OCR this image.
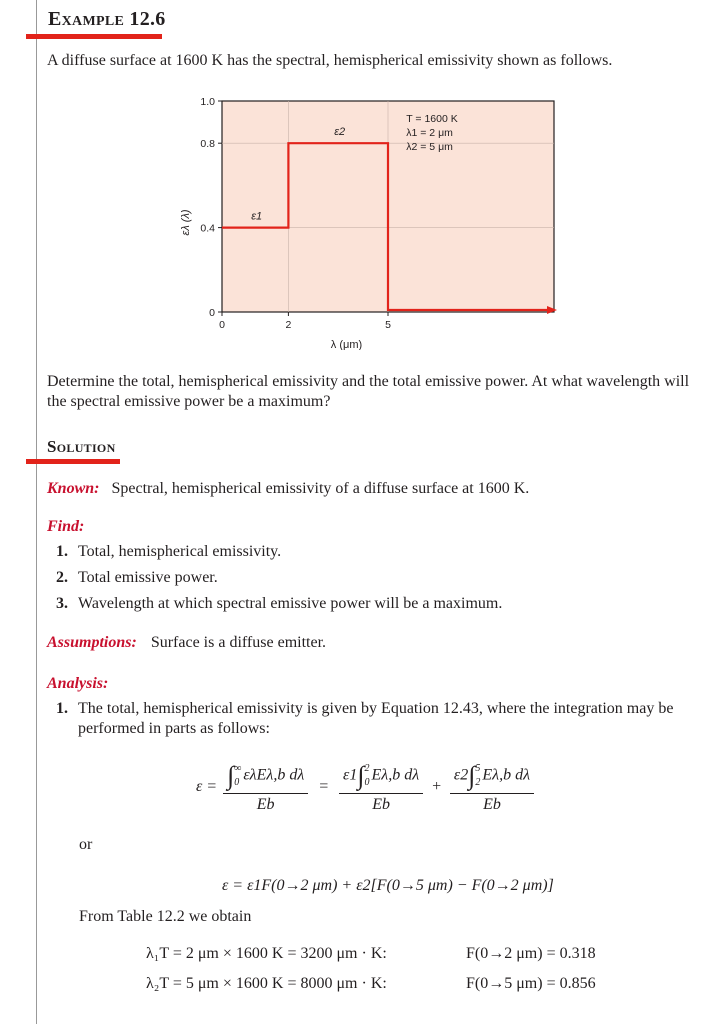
Example 12.6
A diffuse surface at 1600 K has the spectral, hemispherical emissivity shown as follows.
0
0.4
0.8
1.0
0	2	5
ε1
ε2
T = 1600 K
λ1 = 2 μm
λ2 = 5 μm
λ (μm)
ελ (λ)
Determine the total, hemispherical emissivity and the total emissive power. At what wavelength will the spectral emissive power be a maximum?
Solution
Known: Spectral, hemispherical emissivity of a diffuse surface at 1600 K.
Find:
1. Total, hemispherical emissivity.
2. Total emissive power.
3. Wavelength at which spectral emissive power will be a maximum.
Assumptions: Surface is a diffuse emitter.
Analysis:
1. The total, hemispherical emissivity is given by Equation 12.43, where the integration may be performed in parts as follows:
ε = ∫ ∞
0 ελEλ,b dλ
Eb = ε1∫ 2
0 Eλ,b dλ
Eb + ε2∫ 5
2 Eλ,b dλ
Eb
or
ε = ε1F(0→2 μm) + ε2[F(0→5 μm) − F(0→2 μm)]
From Table 12.2 we obtain
λ₁T = 2 μm × 1600 K = 3200 μm · K:	F(0→2 μm) = 0.318
λ₂T = 5 μm × 1600 K = 8000 μm · K:	F(0→5 μm) = 0.856
